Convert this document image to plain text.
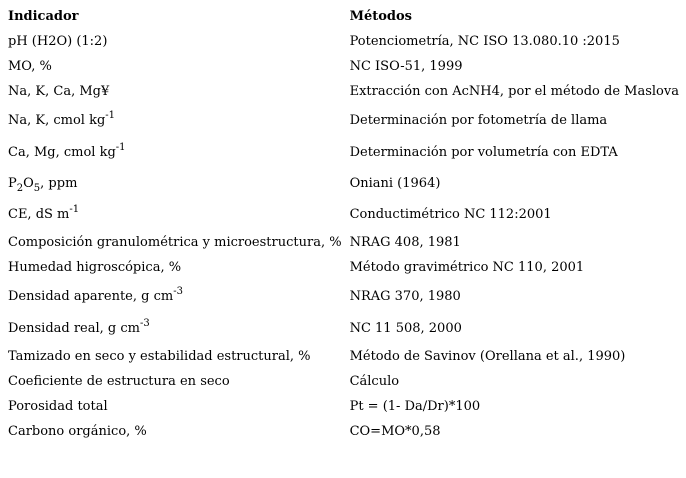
Indicador	Métodos
pH (H2O) (1:2)	Potenciometría, NC ISO 13.080.10 :2015
MO, %	NC ISO-51, 1999
Na, K, Ca, Mg¥	Extracción con AcNH4, por el método de Maslova
Na, K, cmol $kg^{-1}$	Determinación por fotometría de llama
Ca, Mg, cmol $kg^{-1}$	Determinación por volumetría con EDTA
$P_2O_5$, ppm	Oniani (1964)
CE, dS $m^{-1}$	Conductimétrico NC 112:2001
Composición granulométrica y microestructura, %	NRAG 408, 1981
Humedad higroscópica, %	Método gravimétrico NC 110, 2001
Densidad aparente, g $cm^{-3}$	NRAG 370, 1980
Densidad real, g $cm^{-3}$	NC 11 508, 2000
Tamizado en seco y estabilidad estructural, %	Método de Savinov (Orellana et al., 1990)
Coeficiente de estructura en seco	Cálculo
Porosidad total	Pt = (1- Da/Dr)*100
Carbono orgánico, %	CO=MO*0,58
